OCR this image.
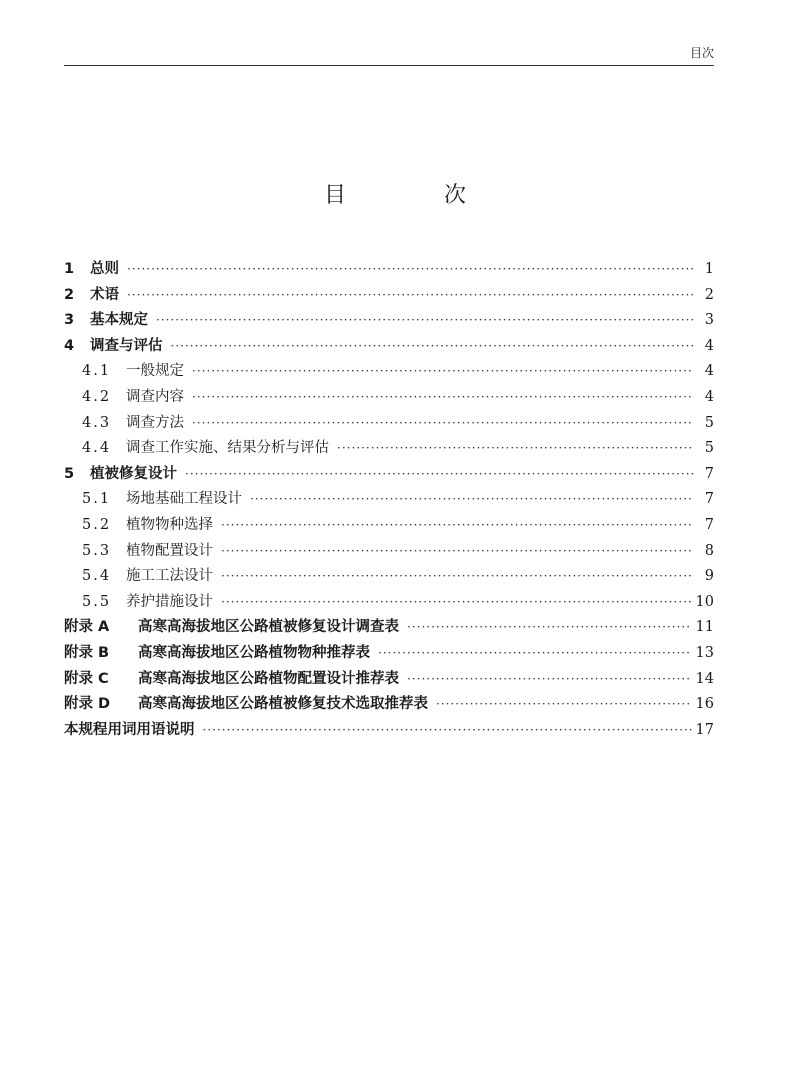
目次
目　次
1	总则 ·····	1
2	术语 ·····	2
3	基本规定 ·····	3
4	调查与评估 ·····	4
4.1	一般规定 ·····	4
4.2	调查内容 ·····	4
4.3	调查方法 ·····	5
4.4	调查工作实施、结果分析与评估 ·····	5
5	植被修复设计 ·····	7
5.1	场地基础工程设计 ·····	7
5.2	植物物种选择 ·····	7
5.3	植物配置设计 ·····	8
5.4	施工工法设计 ·····	9
5.5	养护措施设计 ·····	10
附录 A	高寒高海拔地区公路植被修复设计调查表 ·····	11
附录 B	高寒高海拔地区公路植物物种推荐表 ·····	13
附录 C	高寒高海拔地区公路植物配置设计推荐表 ·····	14
附录 D	高寒高海拔地区公路植被修复技术选取推荐表 ·····	16
本规程用词用语说明 ·····	17
